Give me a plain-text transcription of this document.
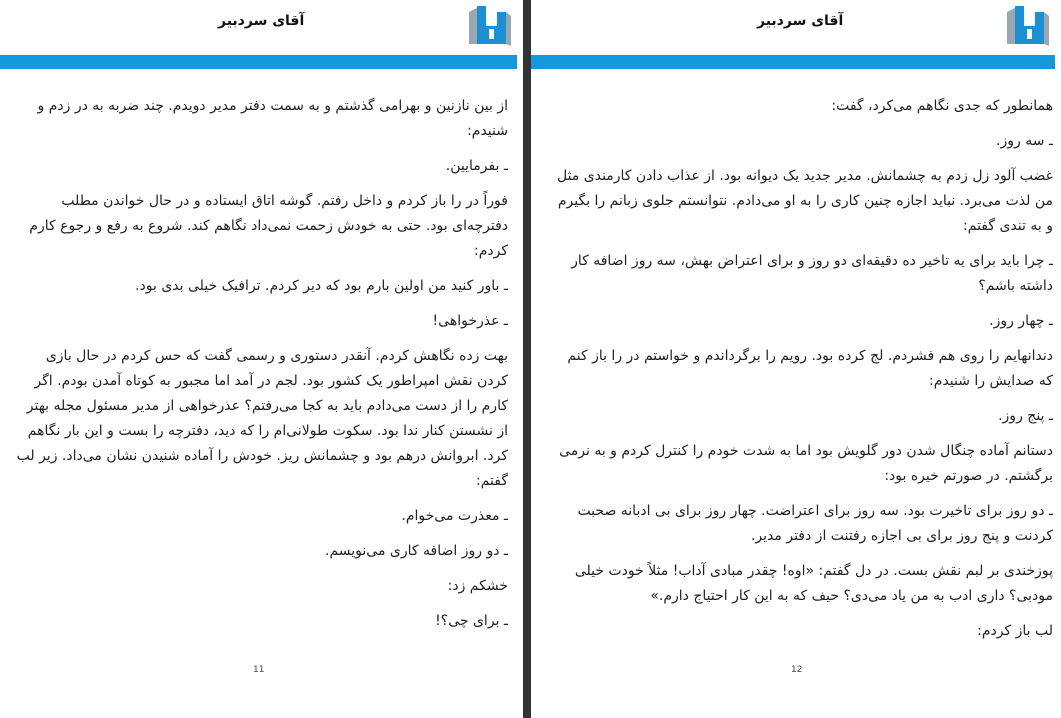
آقای سردبیر

از بین نازنین و بهرامی گذشتم و به سمت دفتر مدیر دویدم. چند ضربه به در زدم و شنیدم:

ـ بفرمایین.

فوراً در را باز کردم و داخل رفتم. گوشه اتاق ایستاده و در حال خواندن مطلب دفترچه‌ای بود. حتی به خودش زحمت نمی‌داد نگاهم کند. شروع به رفع و رجوع کارم کردم:

ـ باور کنید من اولین بارم بود که دیر کردم. ترافیک خیلی بدی بود.

ـ عذرخواهی!

بهت زده نگاهش کردم. آنقدر دستوری و رسمی گفت که حس کردم در حال بازی کردن نقش امپراطور یک کشور بود. لجم در آمد اما مجبور به کوتاه آمدن بودم. اگر کارم را از دست می‌دادم باید به کجا می‌رفتم؟ عذرخواهی از مدیر مسئول مجله بهتر از نشستن کنار ندا بود. سکوت طولانی‌ام را که دید، دفترچه را بست و این بار نگاهم کرد. ابروانش درهم بود و چشمانش ریز. خودش را آماده شنیدن نشان می‌داد. زیر لب گفتم:

ـ معذرت می‌خوام.

ـ دو روز اضافه کاری می‌نویسم.

خشکم زد:

ـ برای چی؟!

11
آقای سردبیر

همانطور که جدی نگاهم می‌کرد، گفت:

ـ سه روز.

غضب آلود زل زدم به چشمانش. مدیر جدید یک دیوانه بود. از عذاب دادن کارمندی مثل من لذت می‌برد. نباید اجازه چنین کاری را به او می‌دادم. نتوانستم جلوی زبانم را بگیرم و به تندی گفتم:

ـ چرا باید برای یه تاخیر ده دقیقه‌ای دو روز و برای اعتراض بهش، سه روز اضافه کار داشته باشم؟

ـ چهار روز.

دندانهایم را روی هم فشردم. لج کرده بود. رویم را برگرداندم و خواستم در را باز کنم که صدایش را شنیدم:

ـ پنج روز.

دستانم آماده چنگال شدن دور گلویش بود اما به شدت خودم را کنترل کردم و به نرمی برگشتم. در صورتم خیره بود:

ـ دو روز برای تاخیرت بود. سه روز برای اعتراضت. چهار روز برای بی ادبانه صحبت کردنت و پنج روز برای بی اجازه رفتنت از دفتر مدیر.

پوزخندی بر لبم نقش بست. در دل گفتم: «اوه! چقدر مبادی آداب! مثلاً خودت خیلی مودبی؟ داری ادب به من یاد می‌دی؟ حیف که به این کار احتیاج دارم.»

لب باز کردم:

12
